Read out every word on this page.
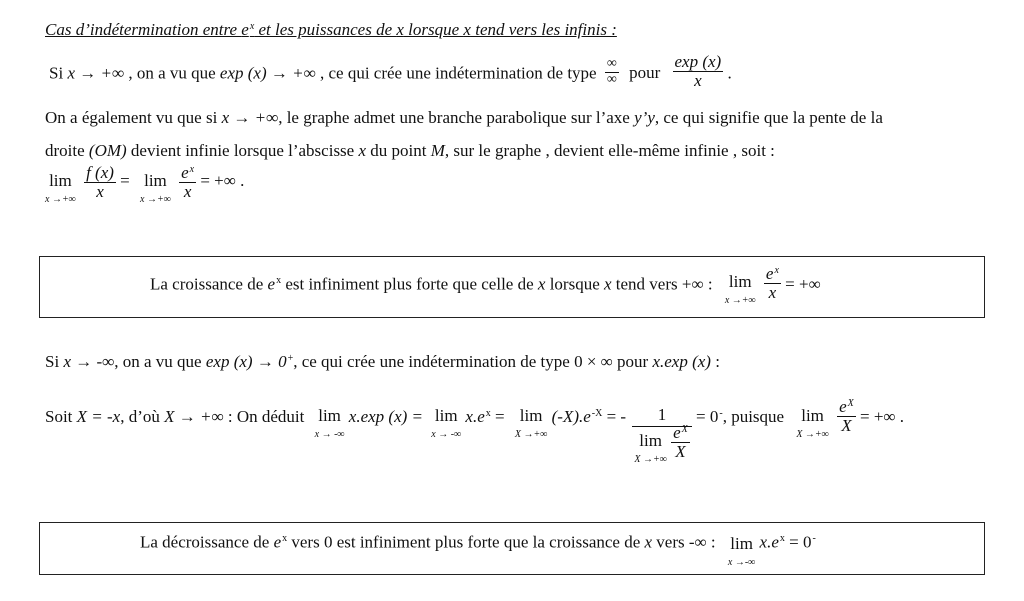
Cas d’indétermination entre $e^x$ et les puissances de x lorsque x tend vers les infinis :
Si x → +∞ , on a vu que exp (x) → +∞ , ce qui crée une indétermination de type $\frac{\infty}{\infty}$ pour $\frac{\exp (x)}{x}$ .
On a également vu que si x → +∞, le graphe admet une branche parabolique sur l’axe y’y, ce qui signifie que la pente de la
droite (OM) devient infinie lorsque l’abscisse x du point M, sur le graphe , devient elle-même infinie , soit :
lim
x →+∞
$\frac{f (x)}{x} = \lim$
x →+∞
$\frac{e^x}{x}$ = +∞ .
La croissance de $e^x$ est infiniment plus forte que celle de x lorsque x tend vers +∞ : lim
x →+∞
$\frac{e^x}{x}$ = +∞
Si x → -∞, on a vu que exp (x) → 0+, ce qui crée une indétermination de type 0 × ∞ pour x.exp (x) :
Soit X = -x, d’où X → +∞ : On déduit lim
x → -∞
x.exp (x) = lim
x → -∞
$x.e^x = \lim$
X →+∞
$(-X).e^{-X}$ = - 1
lim
X →+∞
$\frac{e^X}{X} = 0^-$, puisque lim
X →+∞
$\frac{e^X}{X}$ = +∞ .
La décroissance de $e^x$ vers 0 est infiniment plus forte que la croissance de x vers -∞ : lim
x →-∞
$x.e^x = 0^-$
